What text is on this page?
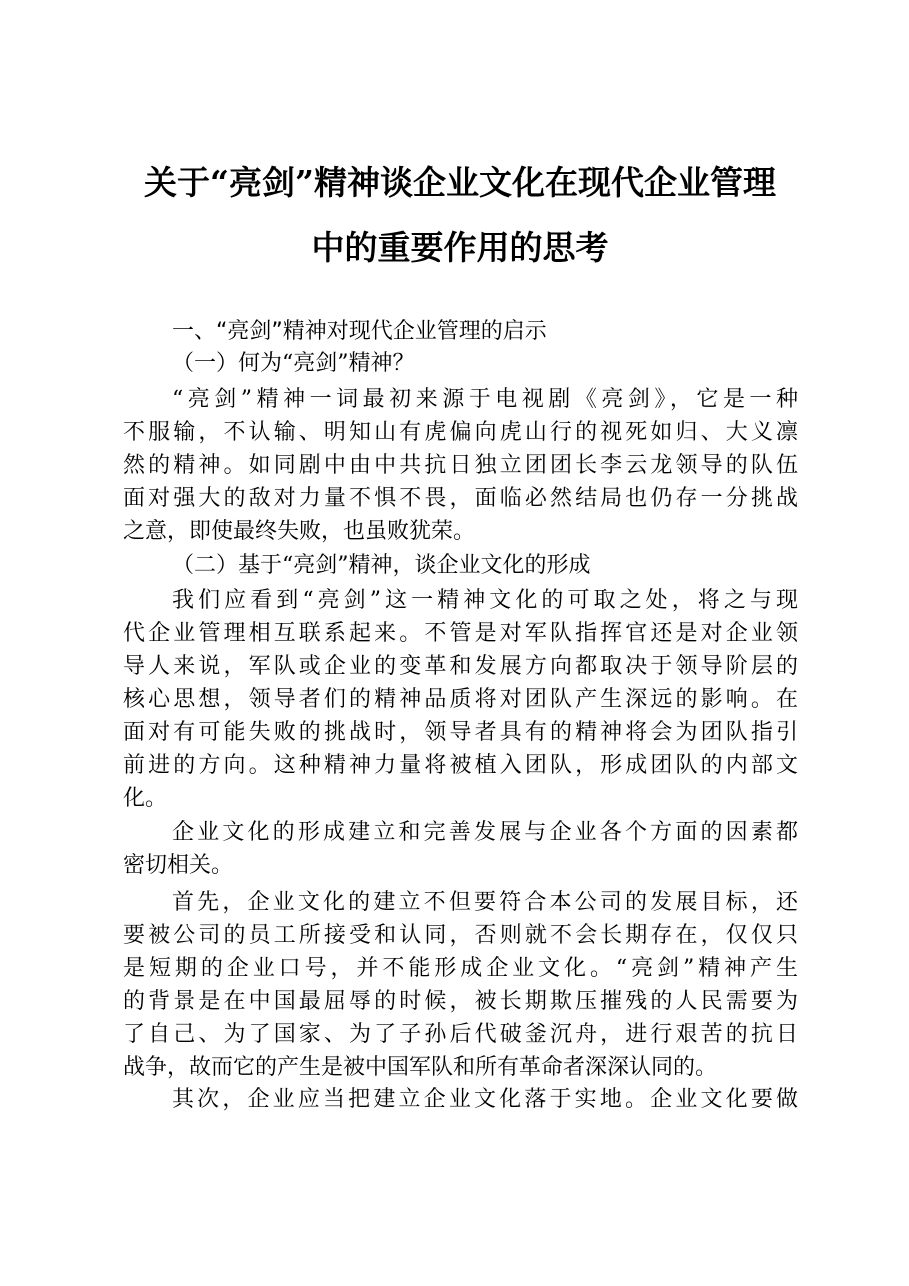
关于“亮剑”精神谈企业文化在现代企业管理
中的重要作用的思考
一、“亮剑”精神对现代企业管理的启示
（一）何为“亮剑”精神？
“亮剑”精神一词最初来源于电视剧《亮剑》，它是一种
不服输，不认输、明知山有虎偏向虎山行的视死如归、大义凛
然的精神。如同剧中由中共抗日独立团团长李云龙领导的队伍
面对强大的敌对力量不惧不畏，面临必然结局也仍存一分挑战
之意，即使最终失败，也虽败犹荣。
（二）基于“亮剑”精神，谈企业文化的形成
我们应看到“亮剑”这一精神文化的可取之处，将之与现
代企业管理相互联系起来。不管是对军队指挥官还是对企业领
导人来说，军队或企业的变革和发展方向都取决于领导阶层的
核心思想，领导者们的精神品质将对团队产生深远的影响。在
面对有可能失败的挑战时，领导者具有的精神将会为团队指引
前进的方向。这种精神力量将被植入团队，形成团队的内部文
化。
企业文化的形成建立和完善发展与企业各个方面的因素都
密切相关。
首先，企业文化的建立不但要符合本公司的发展目标，还
要被公司的员工所接受和认同，否则就不会长期存在，仅仅只
是短期的企业口号，并不能形成企业文化。“亮剑”精神产生
的背景是在中国最屈辱的时候，被长期欺压摧残的人民需要为
了自己、为了国家、为了子孙后代破釜沉舟，进行艰苦的抗日
战争，故而它的产生是被中国军队和所有革命者深深认同的。
其次，企业应当把建立企业文化落于实地。企业文化要做
